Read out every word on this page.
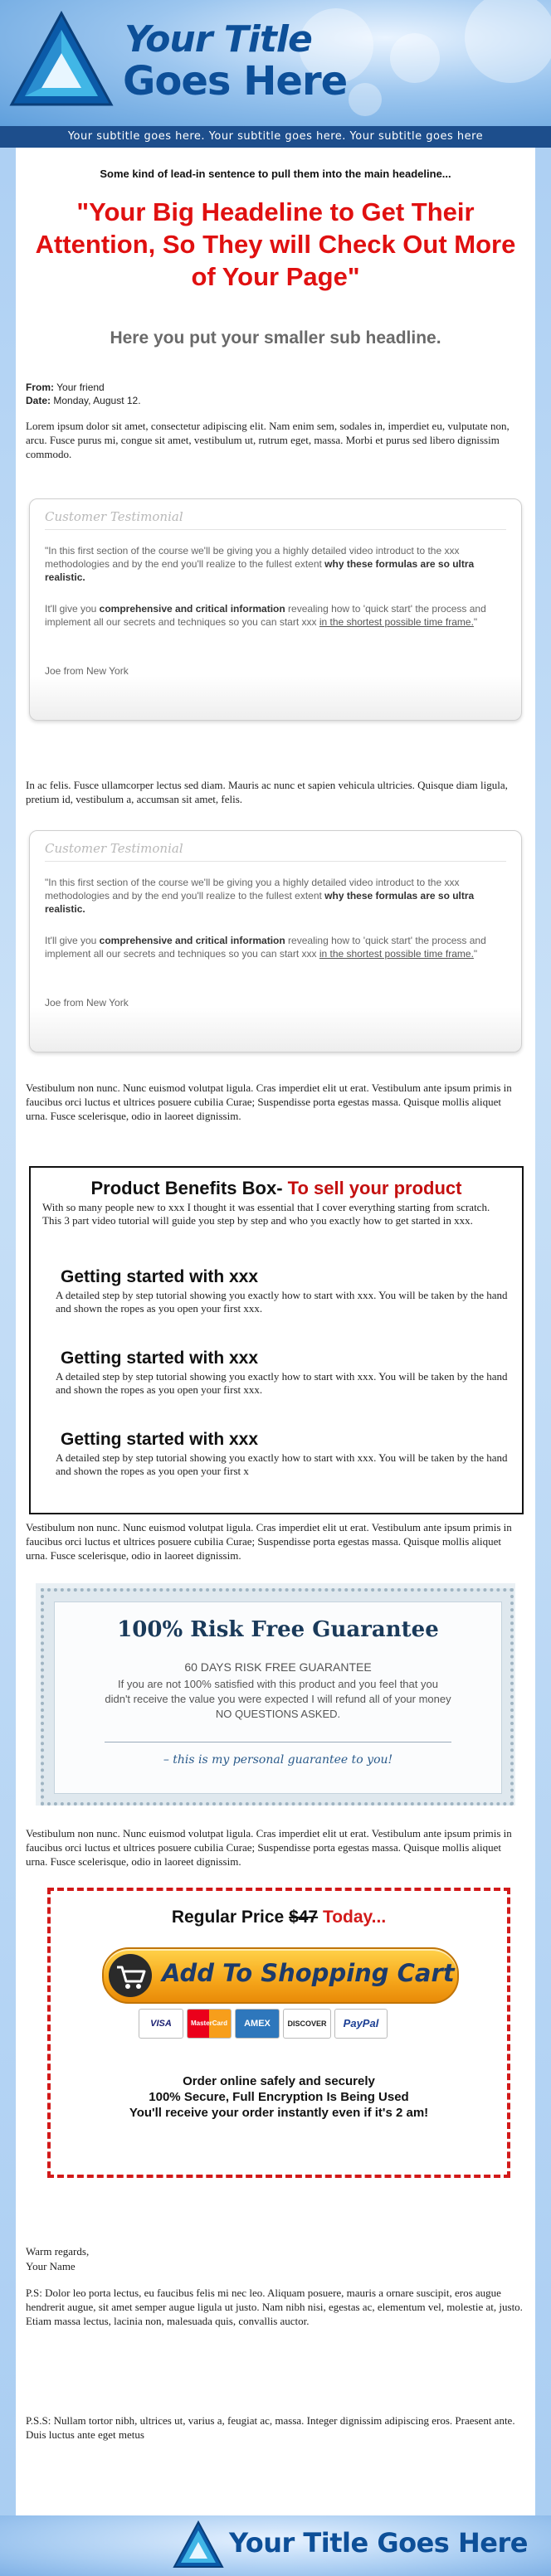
Your Title
Goes Here
Your subtitle goes here. Your subtitle goes here. Your subtitle goes here
Some kind of lead-in sentence to pull them into the main headeline...
"Your Big Headeline to Get Their Attention, So They will Check Out More of Your Page"
Here you put your smaller sub headline.
From: Your friend
Date: Monday, August 12.
Lorem ipsum dolor sit amet, consectetur adipiscing elit. Nam enim sem, sodales in, imperdiet eu, vulputate non, arcu. Fusce purus mi, congue sit amet, vestibulum ut, rutrum eget, massa. Morbi et purus sed libero dignissim commodo.
Customer Testimonial
"In this first section of the course we'll be giving you a highly detailed video introduct to the xxx methodologies and by the end you'll realize to the fullest extent why these formulas are so ultra realistic.
It'll give you comprehensive and critical information revealing how to 'quick start' the process and implement all our secrets and techniques so you can start xxx in the shortest possible time frame."
Joe from New York
In ac felis. Fusce ullamcorper lectus sed diam. Mauris ac nunc et sapien vehicula ultricies. Quisque diam ligula, pretium id, vestibulum a, accumsan sit amet, felis.
Customer Testimonial
"In this first section of the course we'll be giving you a highly detailed video introduct to the xxx methodologies and by the end you'll realize to the fullest extent why these formulas are so ultra realistic.
It'll give you comprehensive and critical information revealing how to 'quick start' the process and implement all our secrets and techniques so you can start xxx in the shortest possible time frame."
Joe from New York
Vestibulum non nunc. Nunc euismod volutpat ligula. Cras imperdiet elit ut erat. Vestibulum ante ipsum primis in faucibus orci luctus et ultrices posuere cubilia Curae; Suspendisse porta egestas massa. Quisque mollis aliquet urna. Fusce scelerisque, odio in laoreet dignissim.
Product Benefits Box- To sell your product
With so many people new to xxx I thought it was essential that I cover everything starting from scratch. This 3 part video tutorial will guide you step by step and who you exactly how to get started in xxx.
Getting started with xxx
A detailed step by step tutorial showing you exactly how to start with xxx. You will be taken by the hand and shown the ropes as you open your first xxx.
Getting started with xxx
A detailed step by step tutorial showing you exactly how to start with xxx. You will be taken by the hand and shown the ropes as you open your first xxx.
Getting started with xxx
A detailed step by step tutorial showing you exactly how to start with xxx. You will be taken by the hand and shown the ropes as you open your first x
Vestibulum non nunc. Nunc euismod volutpat ligula. Cras imperdiet elit ut erat. Vestibulum ante ipsum primis in faucibus orci luctus et ultrices posuere cubilia Curae; Suspendisse porta egestas massa. Quisque mollis aliquet urna. Fusce scelerisque, odio in laoreet dignissim.
100% Risk Free Guarantee
60 DAYS RISK FREE GUARANTEE
If you are not 100% satisfied with this product and you feel that you didn't receive the value you were expected I will refund all of your money NO QUESTIONS ASKED.
– this is my personal guarantee to you!
Vestibulum non nunc. Nunc euismod volutpat ligula. Cras imperdiet elit ut erat. Vestibulum ante ipsum primis in faucibus orci luctus et ultrices posuere cubilia Curae; Suspendisse porta egestas massa. Quisque mollis aliquet urna. Fusce scelerisque, odio in laoreet dignissim.
Regular Price $47 Today...
Add To Shopping Cart
VISA	MasterCard	AMEX	DISCOVER	PayPal
Order online safely and securely
100% Secure, Full Encryption Is Being Used
You'll receive your order instantly even if it's 2 am!
Warm regards,
Your Name
P.S: Dolor leo porta lectus, eu faucibus felis mi nec leo. Aliquam posuere, mauris a ornare suscipit, eros augue hendrerit augue, sit amet semper augue ligula ut justo. Nam nibh nisi, egestas ac, elementum vel, molestie at, justo. Etiam massa lectus, lacinia non, malesuada quis, convallis auctor.
P.S.S: Nullam tortor nibh, ultrices ut, varius a, feugiat ac, massa. Integer dignissim adipiscing eros. Praesent ante. Duis luctus ante eget metus
Your Title Goes Here
